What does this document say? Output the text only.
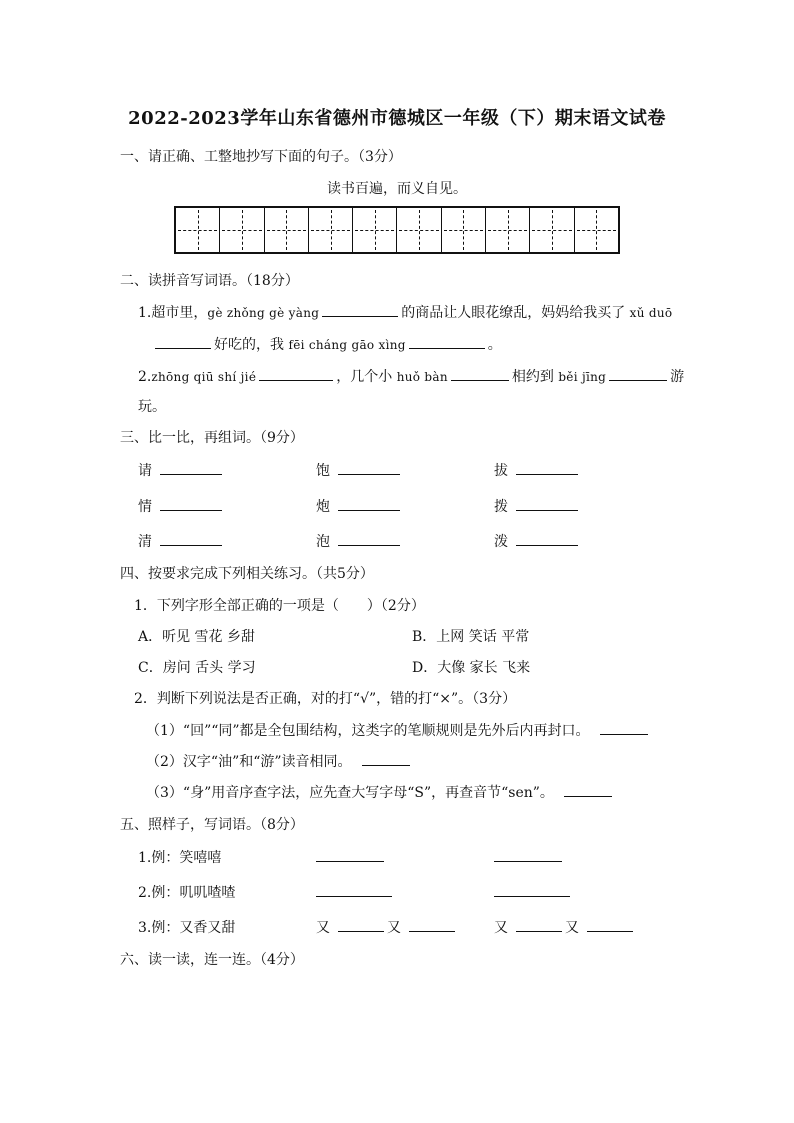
2022-2023学年山东省德州市德城区一年级（下）期末语文试卷
一、请正确、工整地抄写下面的句子。（3分）
读书百遍，而义自见。
二、读拼音写词语。（18分）
1.超市里，gè zhǒng gè yàng	的商品让人眼花缭乱，妈妈给我买了 xǔ duō
好吃的，我 fēi cháng gāo xìng	。
2.zhōng qiū shí jié	，几个小 huǒ bàn	相约到 běi jīng	游
玩。
三、比一比，再组词。（9分）
请	饱	拔
情	炮	拨
清	泡	泼
四、按要求完成下列相关练习。（共5分）
1．下列字形全部正确的一项是（　　）（2分）
A．听见 雪花 乡甜	B．上网 笑话 平常
C．房问 舌头 学习	D．大像 家长 飞来
2．判断下列说法是否正确，对的打“√”，错的打“×”。（3分）
（1）“回”“同”都是全包围结构，这类字的笔顺规则是先外后内再封口。
（2）汉字“油”和“游”读音相同。
（3）“身”用音序查字法，应先查大写字母“S”，再查音节“sen”。
五、照样子，写词语。（8分）
1.例：笑嘻嘻
2.例：叽叽喳喳
3.例：又香又甜	又	又	又	又
六、读一读，连一连。（4分）
